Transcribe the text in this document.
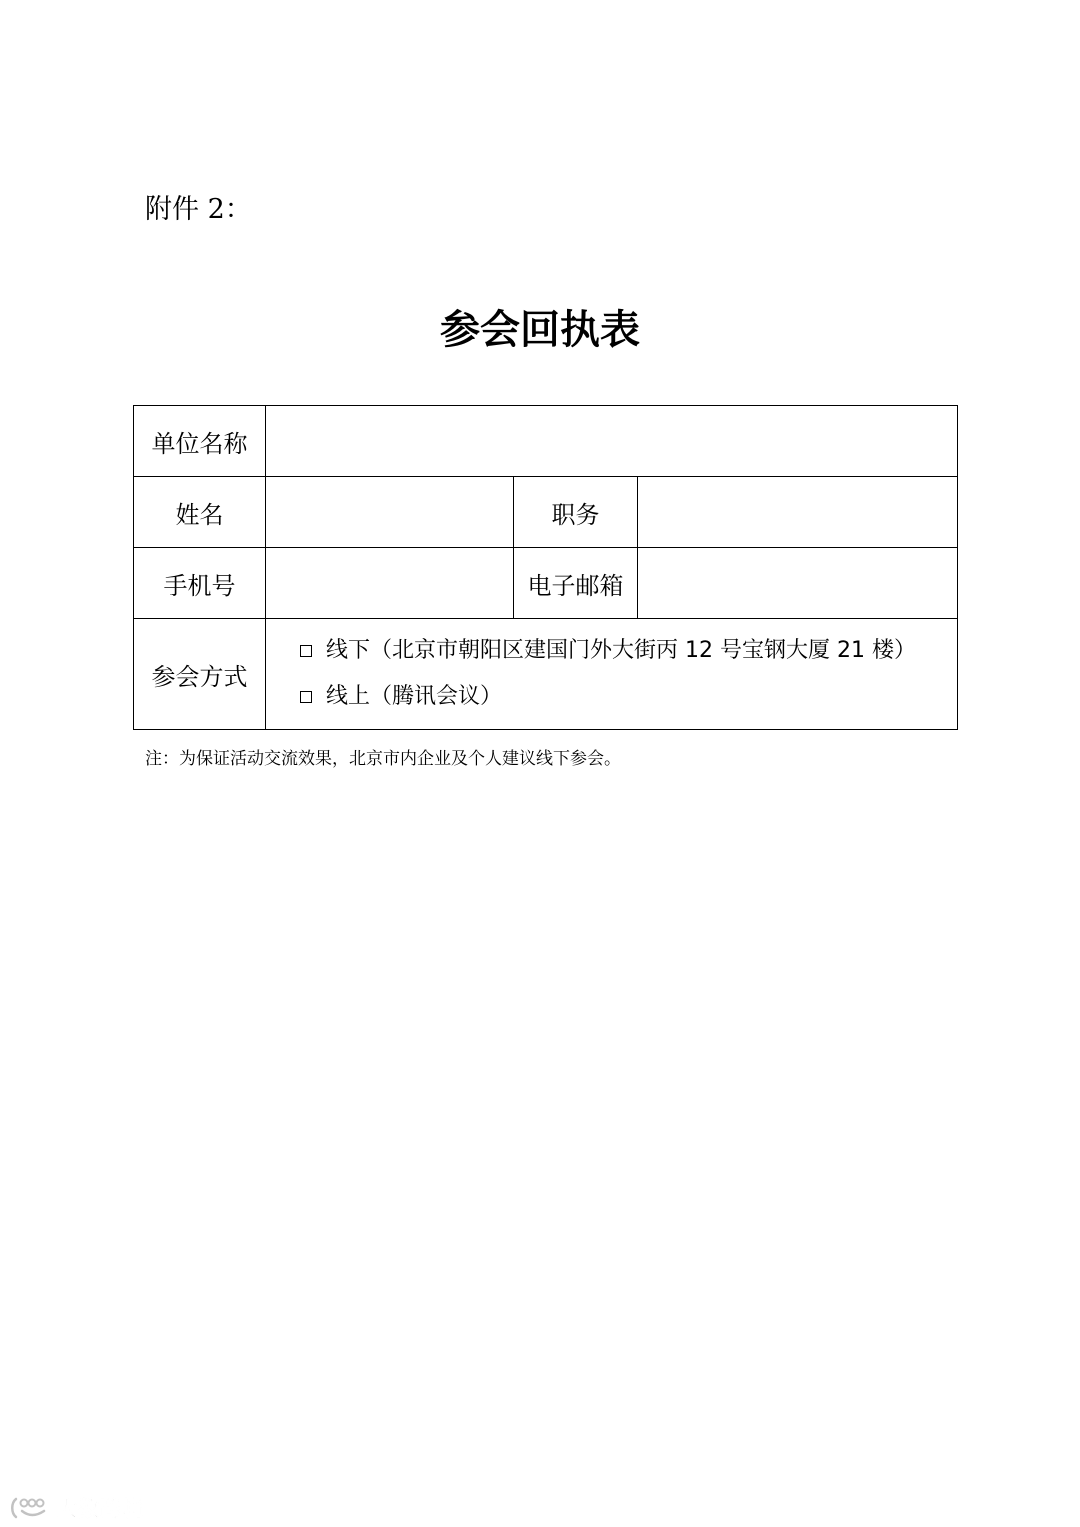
附件 2：
参会回执表
单位名称			
姓名		职务	
手机号		电子邮箱	
参会方式	线下（北京市朝阳区建国门外大街丙 12 号宝钢大厦 21 楼）
线上（腾讯会议）		
注：为保证活动交流效果，北京市内企业及个人建议线下参会。
大数跨境
